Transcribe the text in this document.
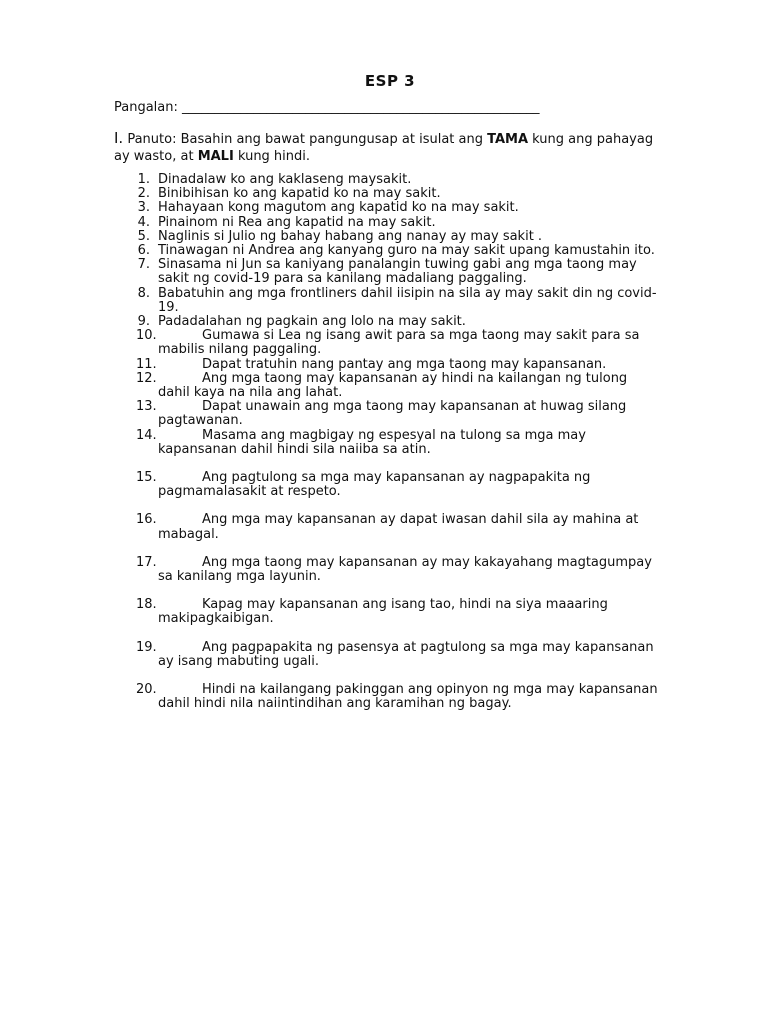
ESP 3
Pangalan: _______________________________________________________
I. Panuto: Basahin ang bawat pangungusap at isulat ang TAMA kung ang pahayag ay wasto, at MALI kung hindi.
1. Dinadalaw ko ang kaklaseng maysakit.
2. Binibihisan ko ang kapatid ko na may sakit.
3. Hahayaan kong magutom ang kapatid ko na may sakit.
4. Pinainom ni Rea ang kapatid na may sakit.
5. Naglinis si Julio ng bahay habang ang nanay ay may sakit .
6. Tinawagan ni Andrea ang kanyang guro na may sakit upang kamustahin ito.
7. Sinasama ni Jun sa kaniyang panalangin tuwing gabi ang mga taong may sakit ng covid-19 para sa kanilang madaliang paggaling.
8. Babatuhin ang mga frontliners dahil iisipin na sila ay may sakit din ng covid-19.
9. Padadalahan ng pagkain ang lolo na may sakit.
10.	Gumawa si Lea ng isang awit para sa mga taong may sakit para sa mabilis nilang paggaling.
11.	Dapat tratuhin nang pantay ang mga taong may kapansanan.
12.	Ang mga taong may kapansanan ay hindi na kailangan ng tulong dahil kaya na nila ang lahat.
13.	Dapat unawain ang mga taong may kapansanan at huwag silang pagtawanan.
14.	Masama ang magbigay ng espesyal na tulong sa mga may kapansanan dahil hindi sila naiiba sa atin.
15.	Ang pagtulong sa mga may kapansanan ay nagpapakita ng pagmamalasakit at respeto.
16.	Ang mga may kapansanan ay dapat iwasan dahil sila ay mahina at mabagal.
17.	Ang mga taong may kapansanan ay may kakayahang magtagumpay sa kanilang mga layunin.
18.	Kapag may kapansanan ang isang tao, hindi na siya maaaring makipagkaibigan.
19.	Ang pagpapakita ng pasensya at pagtulong sa mga may kapansanan ay isang mabuting ugali.
20.	Hindi na kailangang pakinggan ang opinyon ng mga may kapansanan dahil hindi nila naiintindihan ang karamihan ng bagay.
